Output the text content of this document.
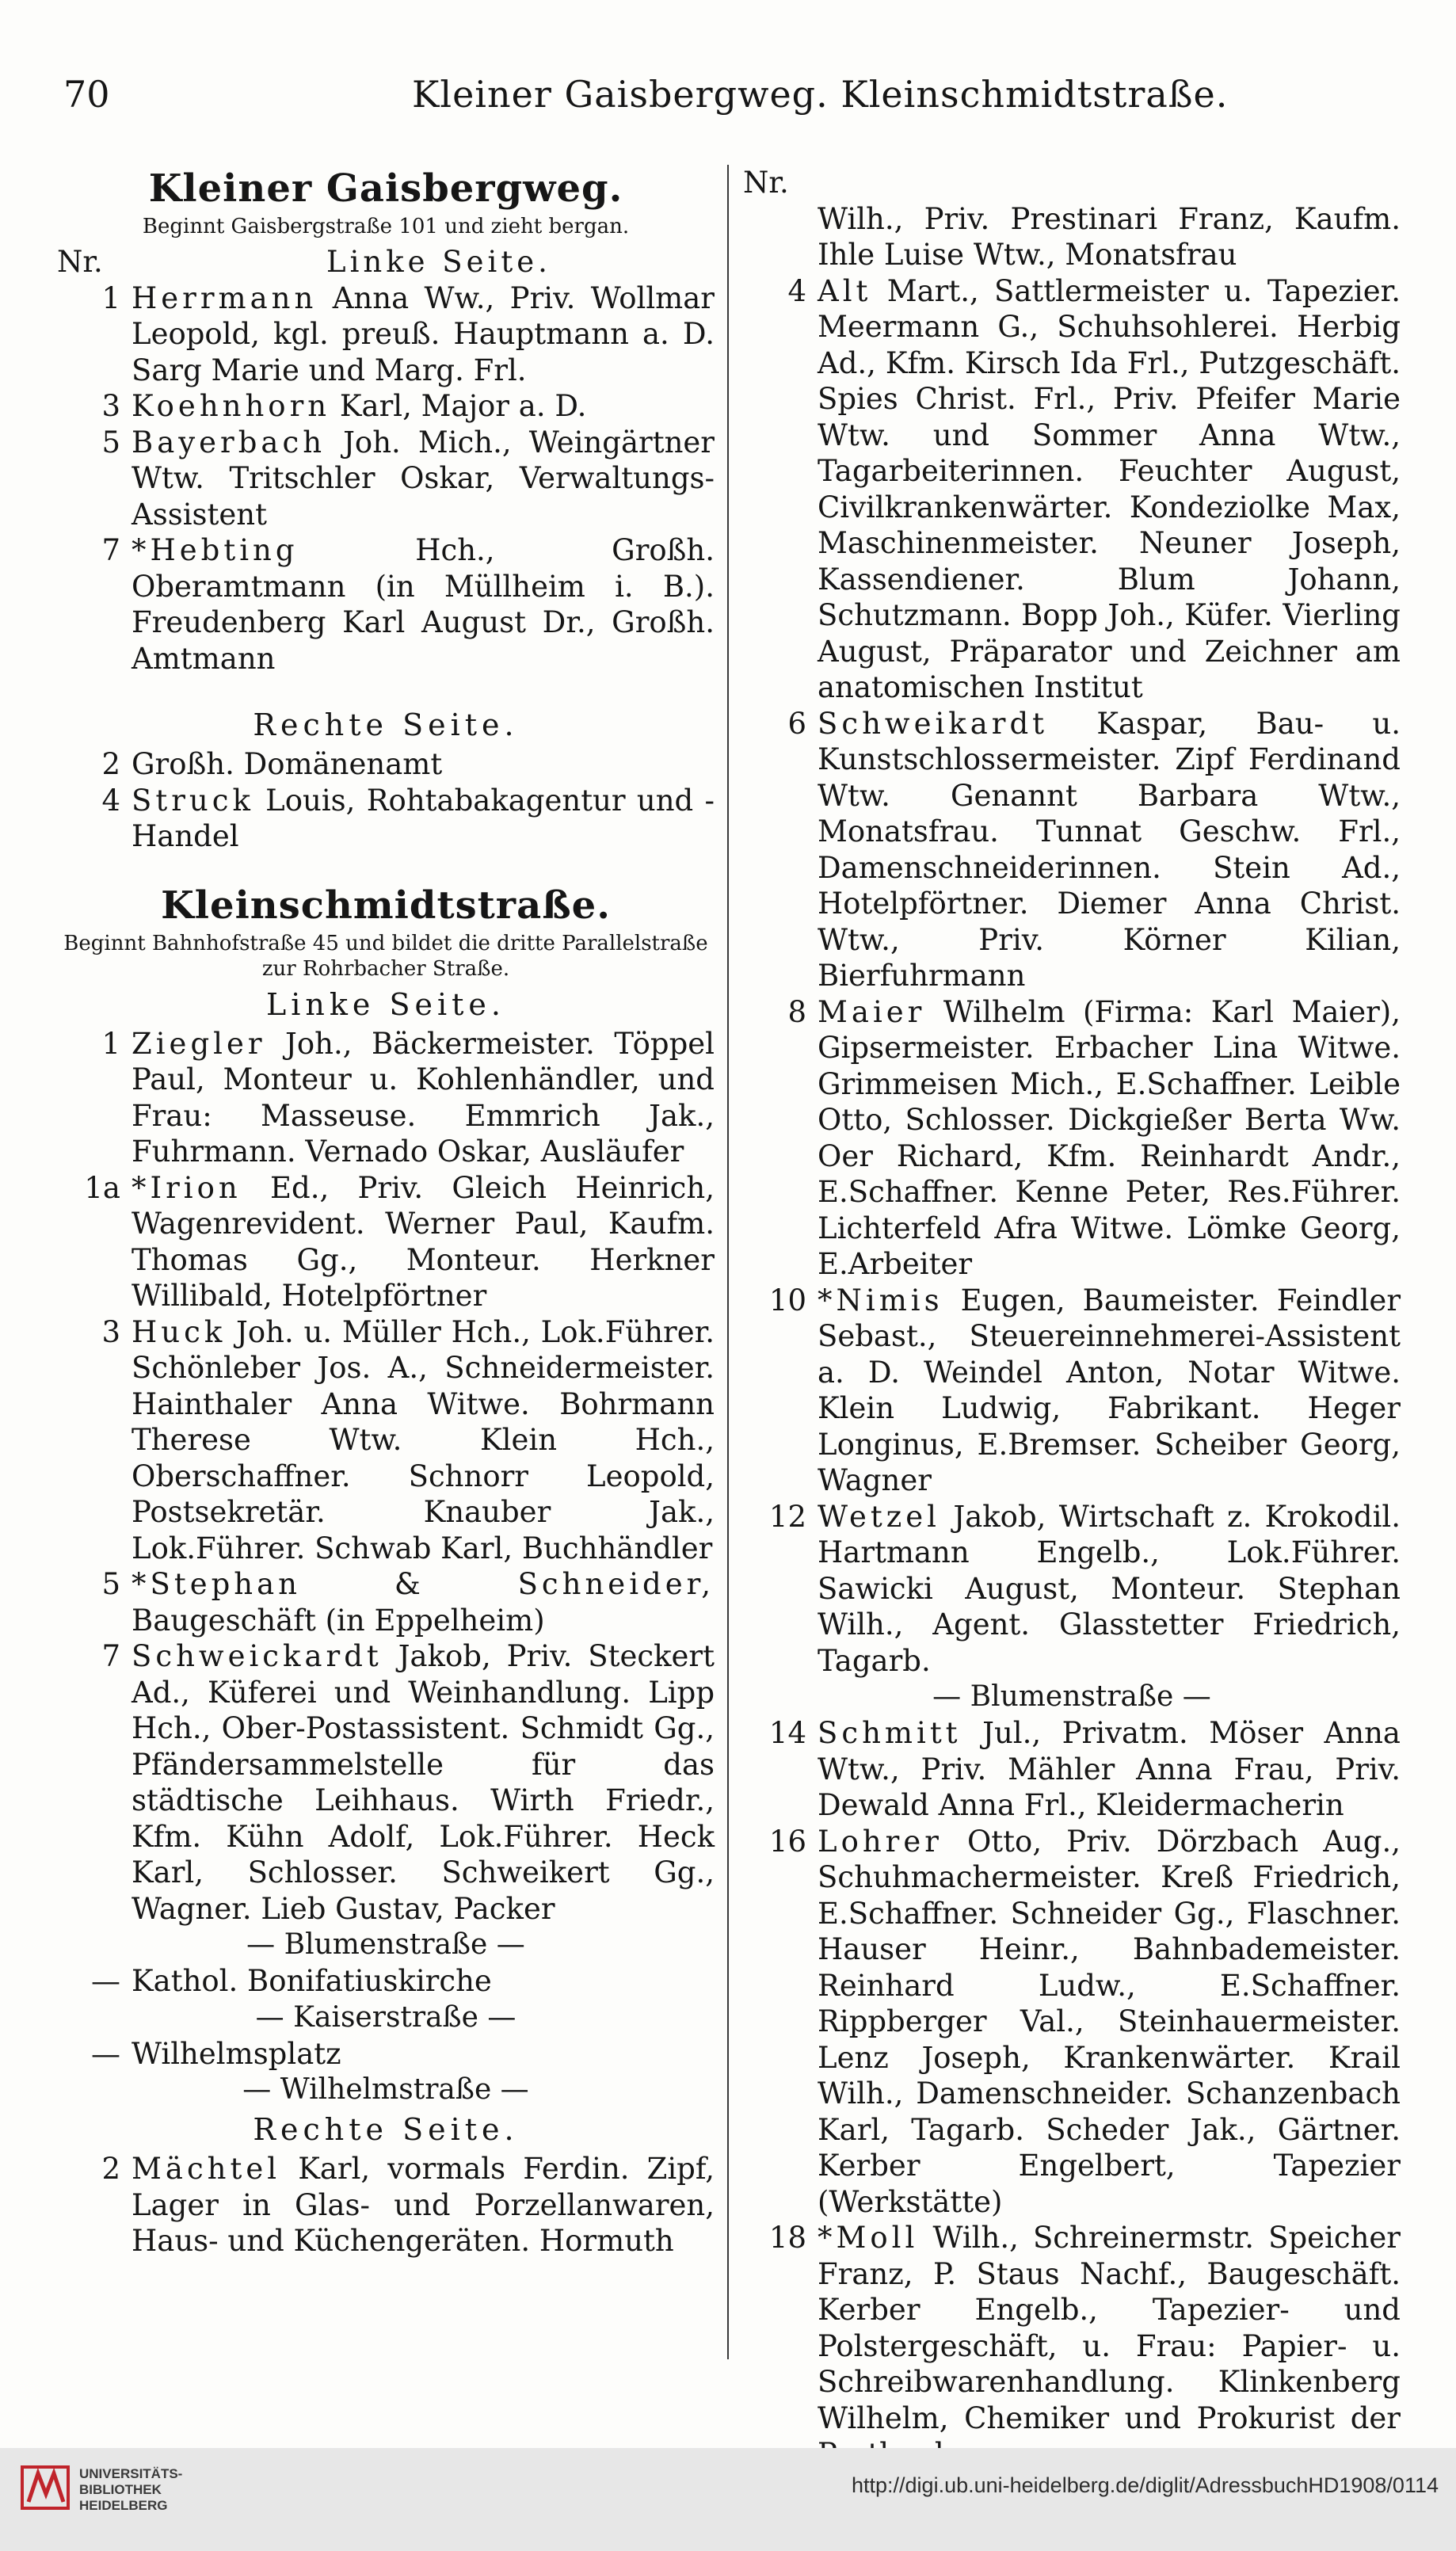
70	Kleiner Gaisbergweg. Kleinschmidtstraße.
Kleiner Gaisbergweg.
Beginnt Gaisbergstraße 101 und zieht bergan.
Nr.	Linke Seite.
1 Herrmann Anna Ww., Priv. Wollmar Leopold, kgl. preuß. Hauptmann a. D. Sarg Marie und Marg. Frl.
3 Koehnhorn Karl, Major a. D.
5 Bayerbach Joh. Mich., Weingärtner Wtw. Tritschler Oskar, Verwaltungs-Assistent
7 *Hebting	Hch., Großh. Oberamtmann (in Müllheim i. B.). Freudenberg Karl August Dr., Großh. Amtmann
Rechte Seite.
2 Großh. Domänenamt
4 Struck Louis, Rohtabakagentur und -Handel
Kleinschmidtstraße.
Beginnt Bahnhofstraße 45 und bildet die dritte Parallelstraße zur Rohrbacher Straße.
Linke Seite.
1 Ziegler Joh., Bäckermeister. Töppel Paul, Monteur u. Kohlenhändler, und Frau: Masseuse. Emmrich Jak., Fuhrmann. Vernado Oskar, Ausläufer
1a *Irion Ed., Priv. Gleich Heinrich, Wagenrevident. Werner Paul, Kaufm. Thomas Gg., Monteur. Herkner Willibald, Hotelpförtner
3 Huck Joh. u. Müller Hch., Lok.Führer. Schönleber Jos. A., Schneidermeister. Hainthaler Anna Witwe. Bohrmann Therese Wtw. Klein Hch., Oberschaffner. Schnorr Leopold, Postsekretär. Knauber Jak., Lok.Führer. Schwab Karl, Buchhändler
5 *Stephan & Schneider, Baugeschäft (in Eppelheim)
7 Schweickardt Jakob, Priv. Steckert Ad., Küferei und Weinhandlung. Lipp Hch., Ober-Postassistent. Schmidt Gg., Pfändersammelstelle für das städtische Leihhaus. Wirth Friedr., Kfm. Kühn Adolf, Lok.Führer. Heck Karl, Schlosser. Schweikert Gg., Wagner. Lieb Gustav, Packer
— Blumenstraße —
— Kathol. Bonifatiuskirche
— Kaiserstraße —
— Wilhelmsplatz
— Wilhelmstraße —
Rechte Seite.
2 Mächtel Karl, vormals Ferdin. Zipf, Lager in Glas- und Porzellanwaren, Haus- und Küchengeräten. Hormuth
Nr.
Wilh., Priv. Prestinari Franz, Kaufm. Ihle Luise Wtw., Monatsfrau
4 Alt Mart., Sattlermeister u. Tapezier. Meermann G., Schuhsohlerei. Herbig Ad., Kfm. Kirsch Ida Frl., Putzgeschäft. Spies Christ. Frl., Priv. Pfeifer Marie Wtw. und Sommer Anna Wtw., Tagarbeiterinnen. Feuchter August, Civilkrankenwärter. Kondeziolke Max, Maschinenmeister. Neuner Joseph, Kassendiener. Blum Johann, Schutzmann. Bopp Joh., Küfer. Vierling August, Präparator und Zeichner am anatomischen Institut
6 Schweikardt Kaspar, Bau- u. Kunstschlossermeister. Zipf Ferdinand Wtw. Genannt Barbara Wtw., Monatsfrau. Tunnat Geschw. Frl., Damenschneiderinnen. Stein Ad., Hotelpförtner. Diemer Anna Christ. Wtw., Priv. Körner Kilian, Bierfuhrmann
8 Maier Wilhelm (Firma: Karl Maier), Gipsermeister. Erbacher Lina Witwe. Grimmeisen Mich., E.Schaffner. Leible Otto, Schlosser. Dickgießer Berta Ww. Oer Richard, Kfm. Reinhardt Andr., E.Schaffner. Kenne Peter, Res.Führer. Lichterfeld Afra Witwe. Lömke Georg, E.Arbeiter
10 *Nimis Eugen, Baumeister. Feindler Sebast., Steuereinnehmerei-Assistent a. D. Weindel Anton, Notar Witwe. Klein Ludwig, Fabrikant. Heger Longinus, E.Bremser. Scheiber Georg, Wagner
12 Wetzel Jakob, Wirtschaft z. Krokodil. Hartmann Engelb., Lok.Führer. Sawicki August, Monteur. Stephan Wilh., Agent. Glasstetter Friedrich, Tagarb.
— Blumenstraße —
14 Schmitt Jul., Privatm. Möser Anna Wtw., Priv. Mähler Anna Frau, Priv. Dewald Anna Frl., Kleidermacherin
16 Lohrer Otto, Priv. Dörzbach Aug., Schuhmachermeister. Kreß Friedrich, E.Schaffner. Schneider Gg., Flaschner. Hauser Heinr., Bahnbademeister. Reinhard Ludw., E.Schaffner. Rippberger Val., Steinhauermeister. Lenz Joseph, Krankenwärter. Krail Wilh., Damenschneider. Schanzenbach Karl, Tagarb. Scheder Jak., Gärtner. Kerber Engelbert, Tapezier (Werkstätte)
18 *Moll Wilh., Schreinermstr. Speicher Franz, P. Staus Nachf., Baugeschäft. Kerber Engelb., Tapezier- und Polstergeschäft, u. Frau: Papier- u. Schreibwarenhandlung. Klinkenberg Wilhelm, Chemiker und Prokurist der
UNIVERSITÄTS-
BIBLIOTHEK
HEIDELBERG
http://digi.ub.uni-heidelberg.de/diglit/AdressbuchHD1908/0114
